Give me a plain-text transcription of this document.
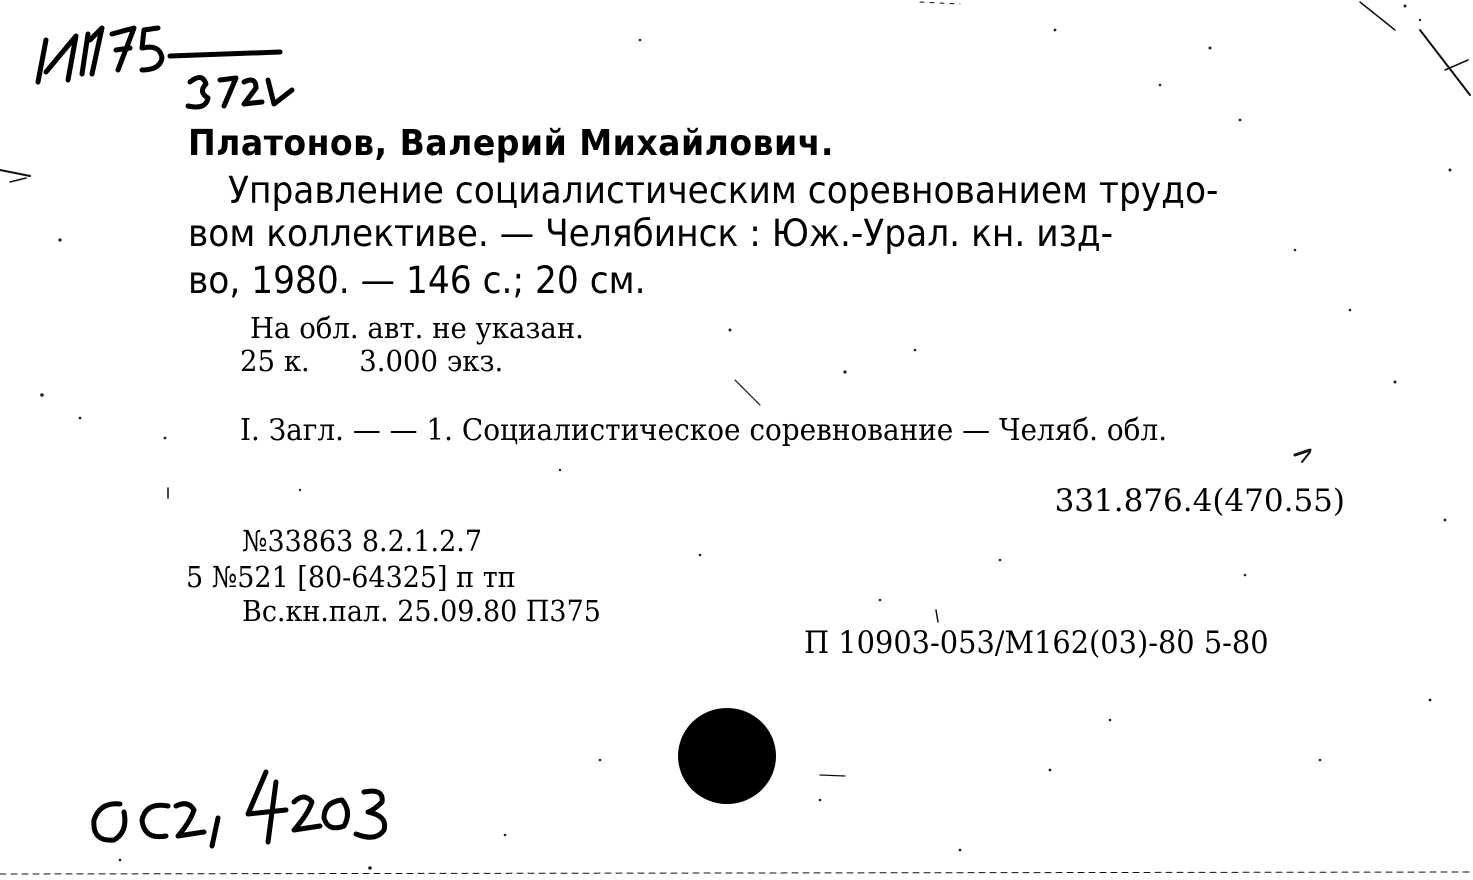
Платонов, Валерий Михайлович.
Управление социалистическим соревнованием трудо-
вом коллективе. — Челябинск : Юж.-Урал. кн. изд-
во, 1980. — 146 с.; 20 см.
На обл. авт. не указан.
25 к. 3.000 экз.
I. Загл. — — 1. Социалистическое соревнование — Челяб. обл.
331.876.4(470.55)
№33863 8.2.1.2.7
5 №521 [80-64325] п тп
Вс.кн.пал. 25.09.80 П375
П 10903-053/М162(03)-80 5-80
